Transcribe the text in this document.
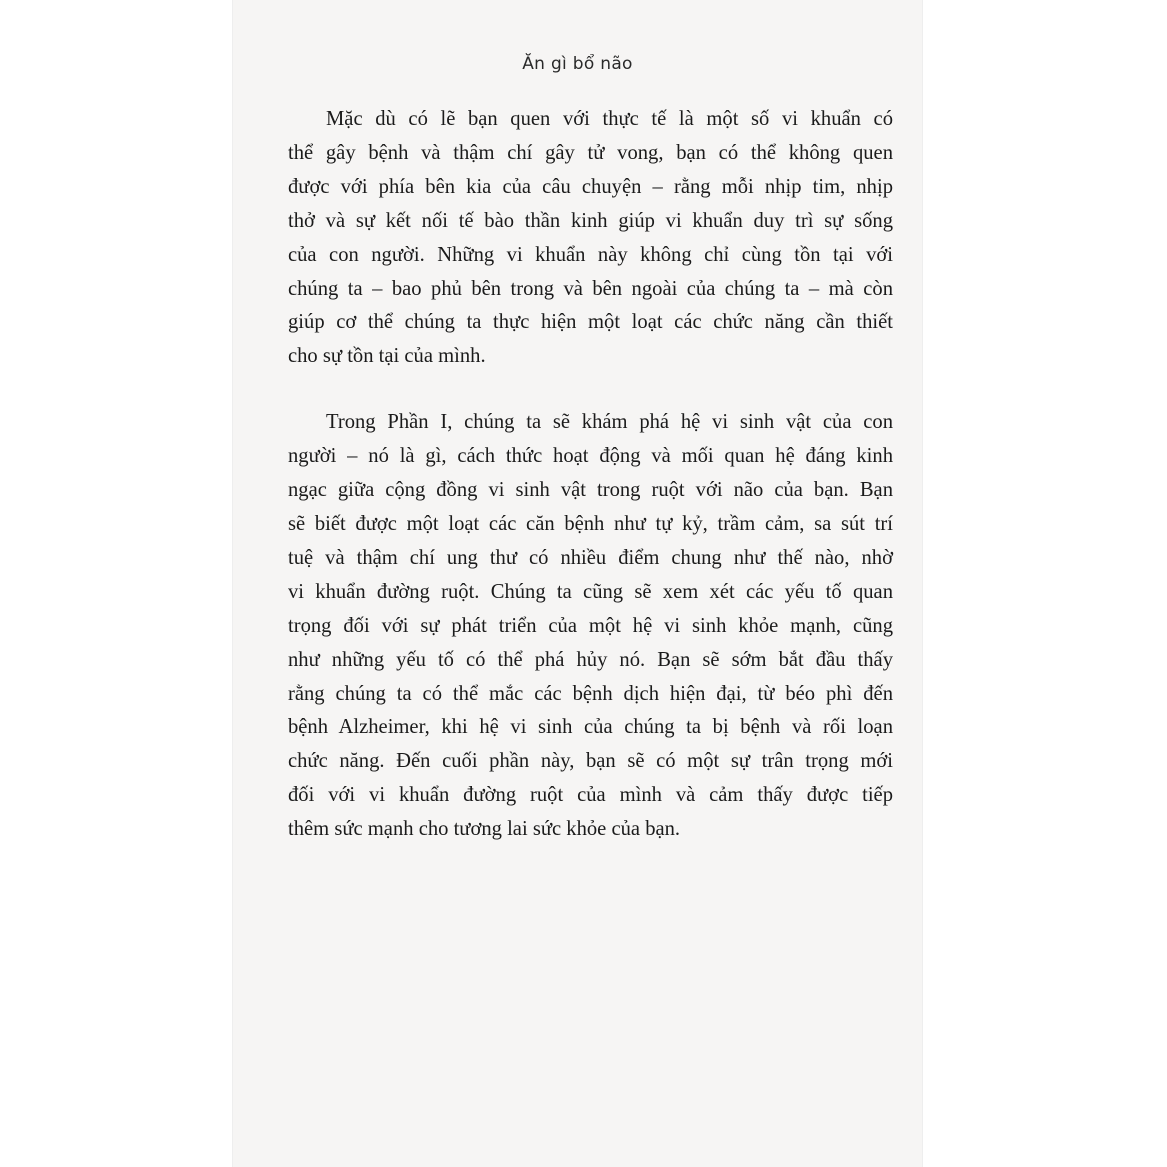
Ăn gì bổ não
Mặc dù có lẽ bạn quen với thực tế là một số vi khuẩn có
thể gây bệnh và thậm chí gây tử vong, bạn có thể không quen
được với phía bên kia của câu chuyện – rằng mỗi nhịp tim, nhịp
thở và sự kết nối tế bào thần kinh giúp vi khuẩn duy trì sự sống
của con người. Những vi khuẩn này không chỉ cùng tồn tại với
chúng ta – bao phủ bên trong và bên ngoài của chúng ta – mà còn
giúp cơ thể chúng ta thực hiện một loạt các chức năng cần thiết
cho sự tồn tại của mình.
Trong Phần I, chúng ta sẽ khám phá hệ vi sinh vật của con
người – nó là gì, cách thức hoạt động và mối quan hệ đáng kinh
ngạc giữa cộng đồng vi sinh vật trong ruột với não của bạn. Bạn
sẽ biết được một loạt các căn bệnh như tự kỷ, trầm cảm, sa sút trí
tuệ và thậm chí ung thư có nhiều điểm chung như thế nào, nhờ
vi khuẩn đường ruột. Chúng ta cũng sẽ xem xét các yếu tố quan
trọng đối với sự phát triển của một hệ vi sinh khỏe mạnh, cũng
như những yếu tố có thể phá hủy nó. Bạn sẽ sớm bắt đầu thấy
rằng chúng ta có thể mắc các bệnh dịch hiện đại, từ béo phì đến
bệnh Alzheimer, khi hệ vi sinh của chúng ta bị bệnh và rối loạn
chức năng. Đến cuối phần này, bạn sẽ có một sự trân trọng mới
đối với vi khuẩn đường ruột của mình và cảm thấy được tiếp
thêm sức mạnh cho tương lai sức khỏe của bạn.
